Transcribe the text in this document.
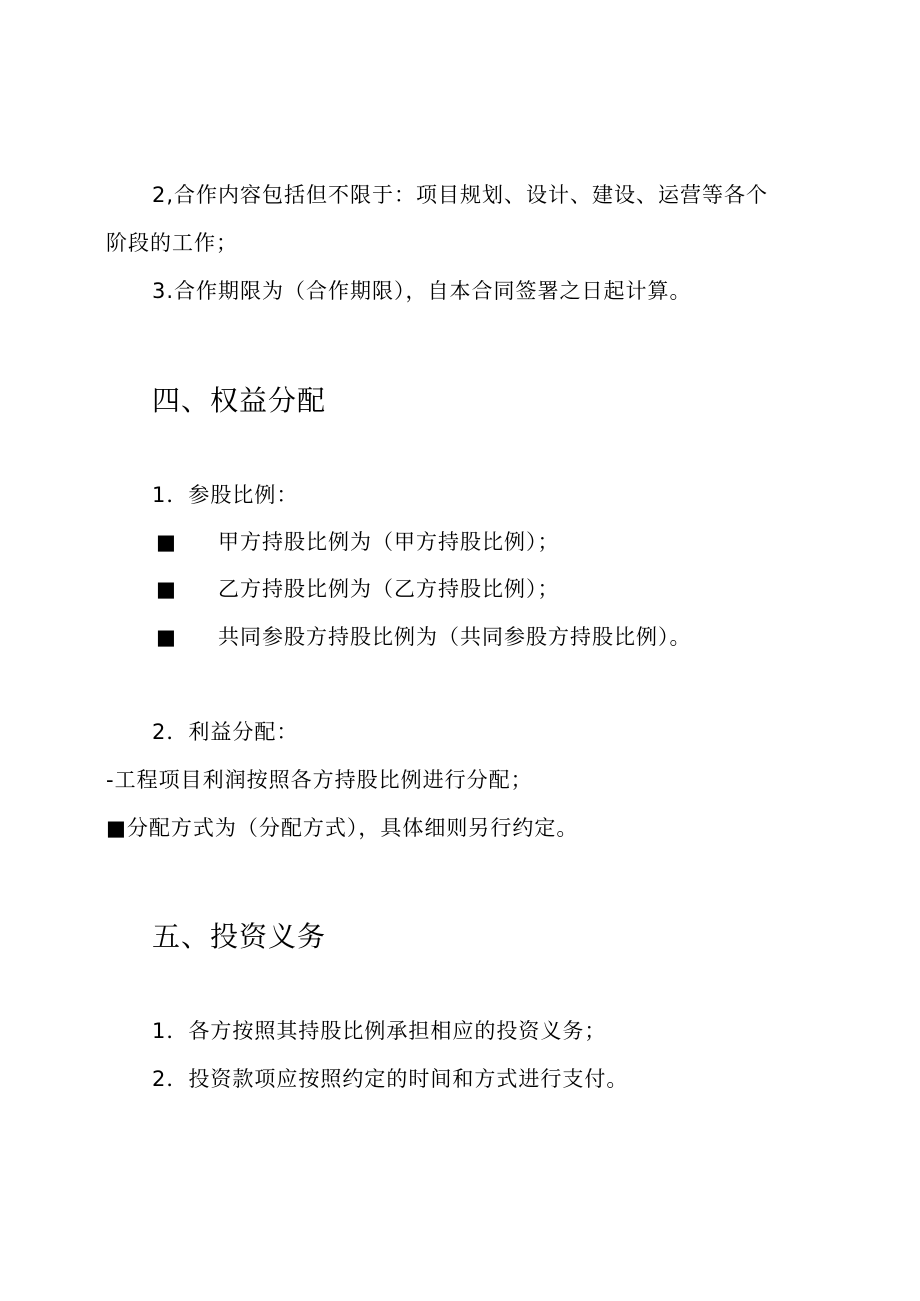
2,合作内容包括但不限于：项目规划、设计、建设、运营等各个
阶段的工作；
3.合作期限为（合作期限），自本合同签署之日起计算。
四、权益分配
1．参股比例：
■ 甲方持股比例为（甲方持股比例）；
■ 乙方持股比例为（乙方持股比例）；
■ 共同参股方持股比例为（共同参股方持股比例）。
2．利益分配：
-工程项目利润按照各方持股比例进行分配；
■分配方式为（分配方式），具体细则另行约定。
五、投资义务
1．各方按照其持股比例承担相应的投资义务；
2．投资款项应按照约定的时间和方式进行支付。
